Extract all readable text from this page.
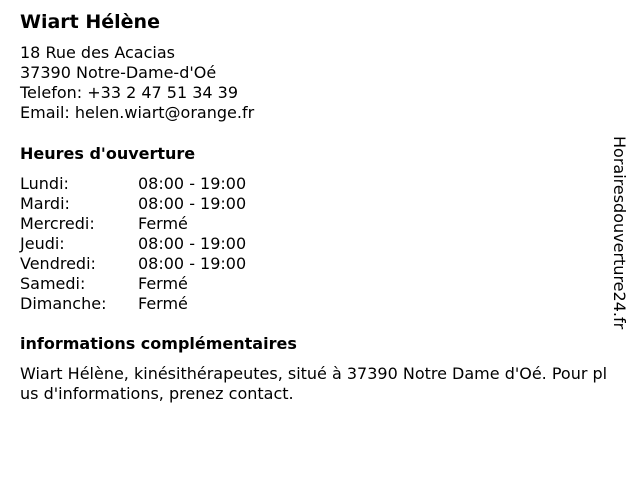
Wiart Hélène
18 Rue des Acacias
37390 Notre-Dame-d'Oé
Telefon: +33 2 47 51 34 39
Email: helen.wiart@orange.fr
Heures d'ouverture
Lundi:	08:00 - 19:00
Mardi:	08:00 - 19:00
Mercredi:	Fermé
Jeudi:	08:00 - 19:00
Vendredi:	08:00 - 19:00
Samedi:	Fermé
Dimanche: Fermé
informations complémentaires
Wiart Hélène, kinésithérapeutes, situé à 37390 Notre Dame d'Oé. Pour plus d'informations, prenez contact.
Horairesdouverture24.fr
